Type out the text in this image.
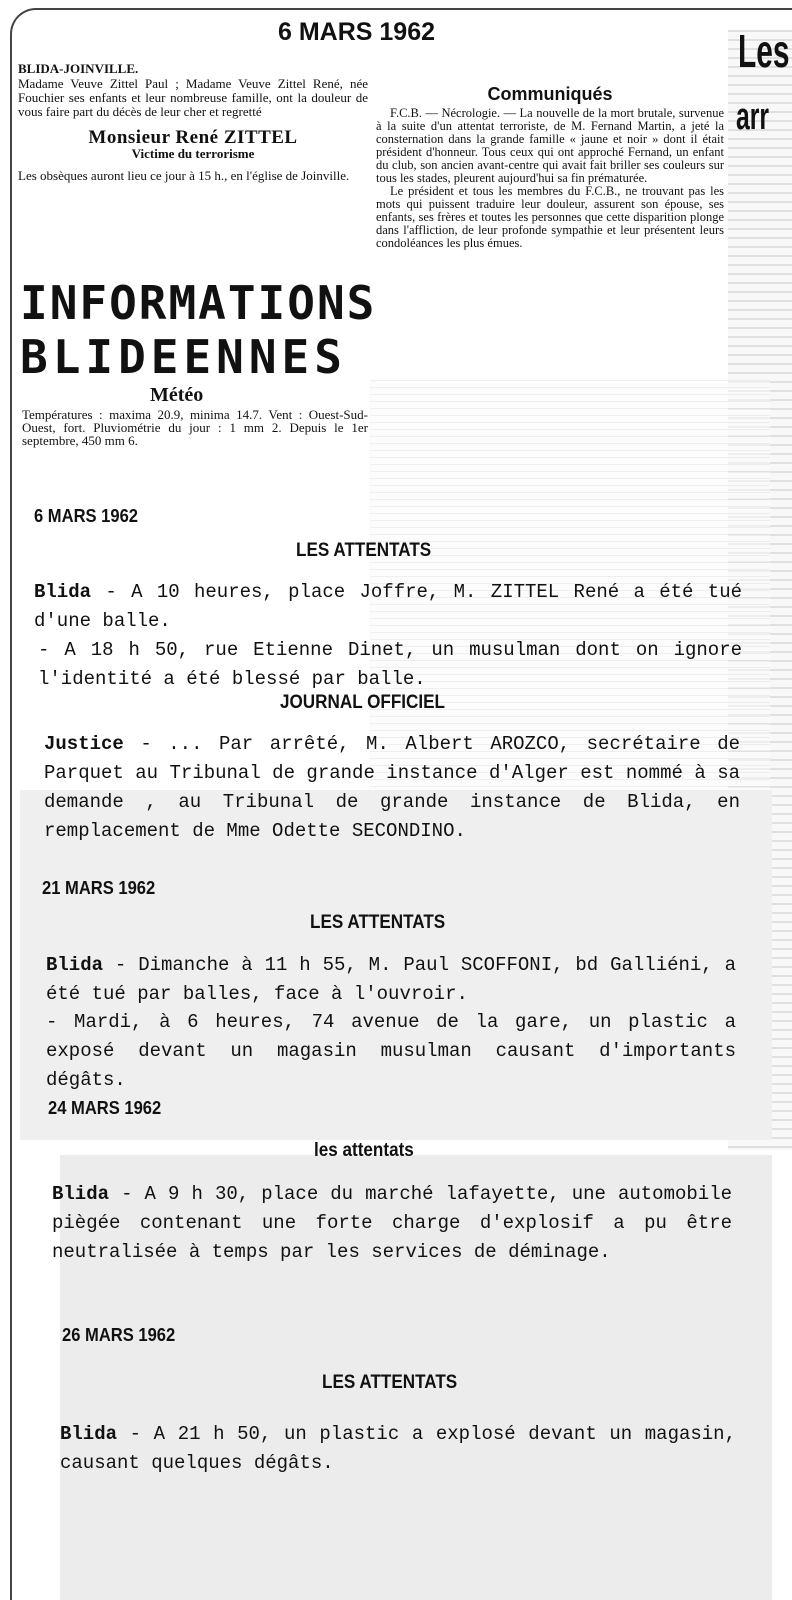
Les
arr
6 MARS 1962
BLIDA-JOINVILLE.
Madame Veuve Zittel Paul ; Madame Veuve Zittel René, née Fouchier ses enfants et leur nombreuse famille, ont la douleur de vous faire part du décès de leur cher et regretté
Monsieur René ZITTEL
Victime du terrorisme
Les obsèques auront lieu ce jour à 15 h., en l'église de Joinville.
INFORMATIONS
BLIDEENNES
Météo
Températures : maxima 20.9, minima 14.7. Vent : Ouest-Sud-Ouest, fort. Pluviométrie du jour : 1 mm 2. Depuis le 1er septembre, 450 mm 6.
Communiqués

F.C.B. — Nécrologie. — La nouvelle de la mort brutale, survenue à la suite d'un attentat terroriste, de M. Fernand Martin, a jeté la consternation dans la grande famille « jaune et noir » dont il était président d'honneur. Tous ceux qui ont approché Fernand, un enfant du club, son ancien avant-centre qui avait fait briller ses couleurs sur tous les stades, pleurent aujourd'hui sa fin prématurée.

Le président et tous les membres du F.C.B., ne trouvant pas les mots qui puissent traduire leur douleur, assurent son épouse, ses enfants, ses frères et toutes les personnes que cette disparition plonge dans l'affliction, de leur profonde sympathie et leur présentent leurs condoléances les plus émues.

6 MARS 1962
LES ATTENTATS
Blida - A 10 heures, place Joffre, M. ZITTEL René a été tué d'une balle.
- A 18 h 50, rue Etienne Dinet, un musulman dont on ignore l'identité a été blessé par balle.
JOURNAL OFFICIEL
Justice - ... Par arrêté, M. Albert AROZCO, secrétaire de Parquet au Tribunal de grande instance d'Alger est nommé à sa demande , au Tribunal de grande instance de Blida, en remplacement de Mme Odette SECONDINO.
21 MARS 1962
LES ATTENTATS
Blida - Dimanche à 11 h 55, M. Paul SCOFFONI, bd Galliéni, a été tué par balles, face à l'ouvroir.
- Mardi, à 6 heures, 74 avenue de la gare, un plastic a exposé devant un magasin musulman causant d'importants dégâts.
24 MARS 1962
les attentats
Blida - A 9 h 30, place du marché lafayette, une automobile piègée contenant une forte charge d'explosif a pu être neutralisée à temps par les services de déminage.
26 MARS 1962
LES ATTENTATS
Blida - A 21 h 50, un plastic a explosé devant un magasin, causant quelques dégâts.
